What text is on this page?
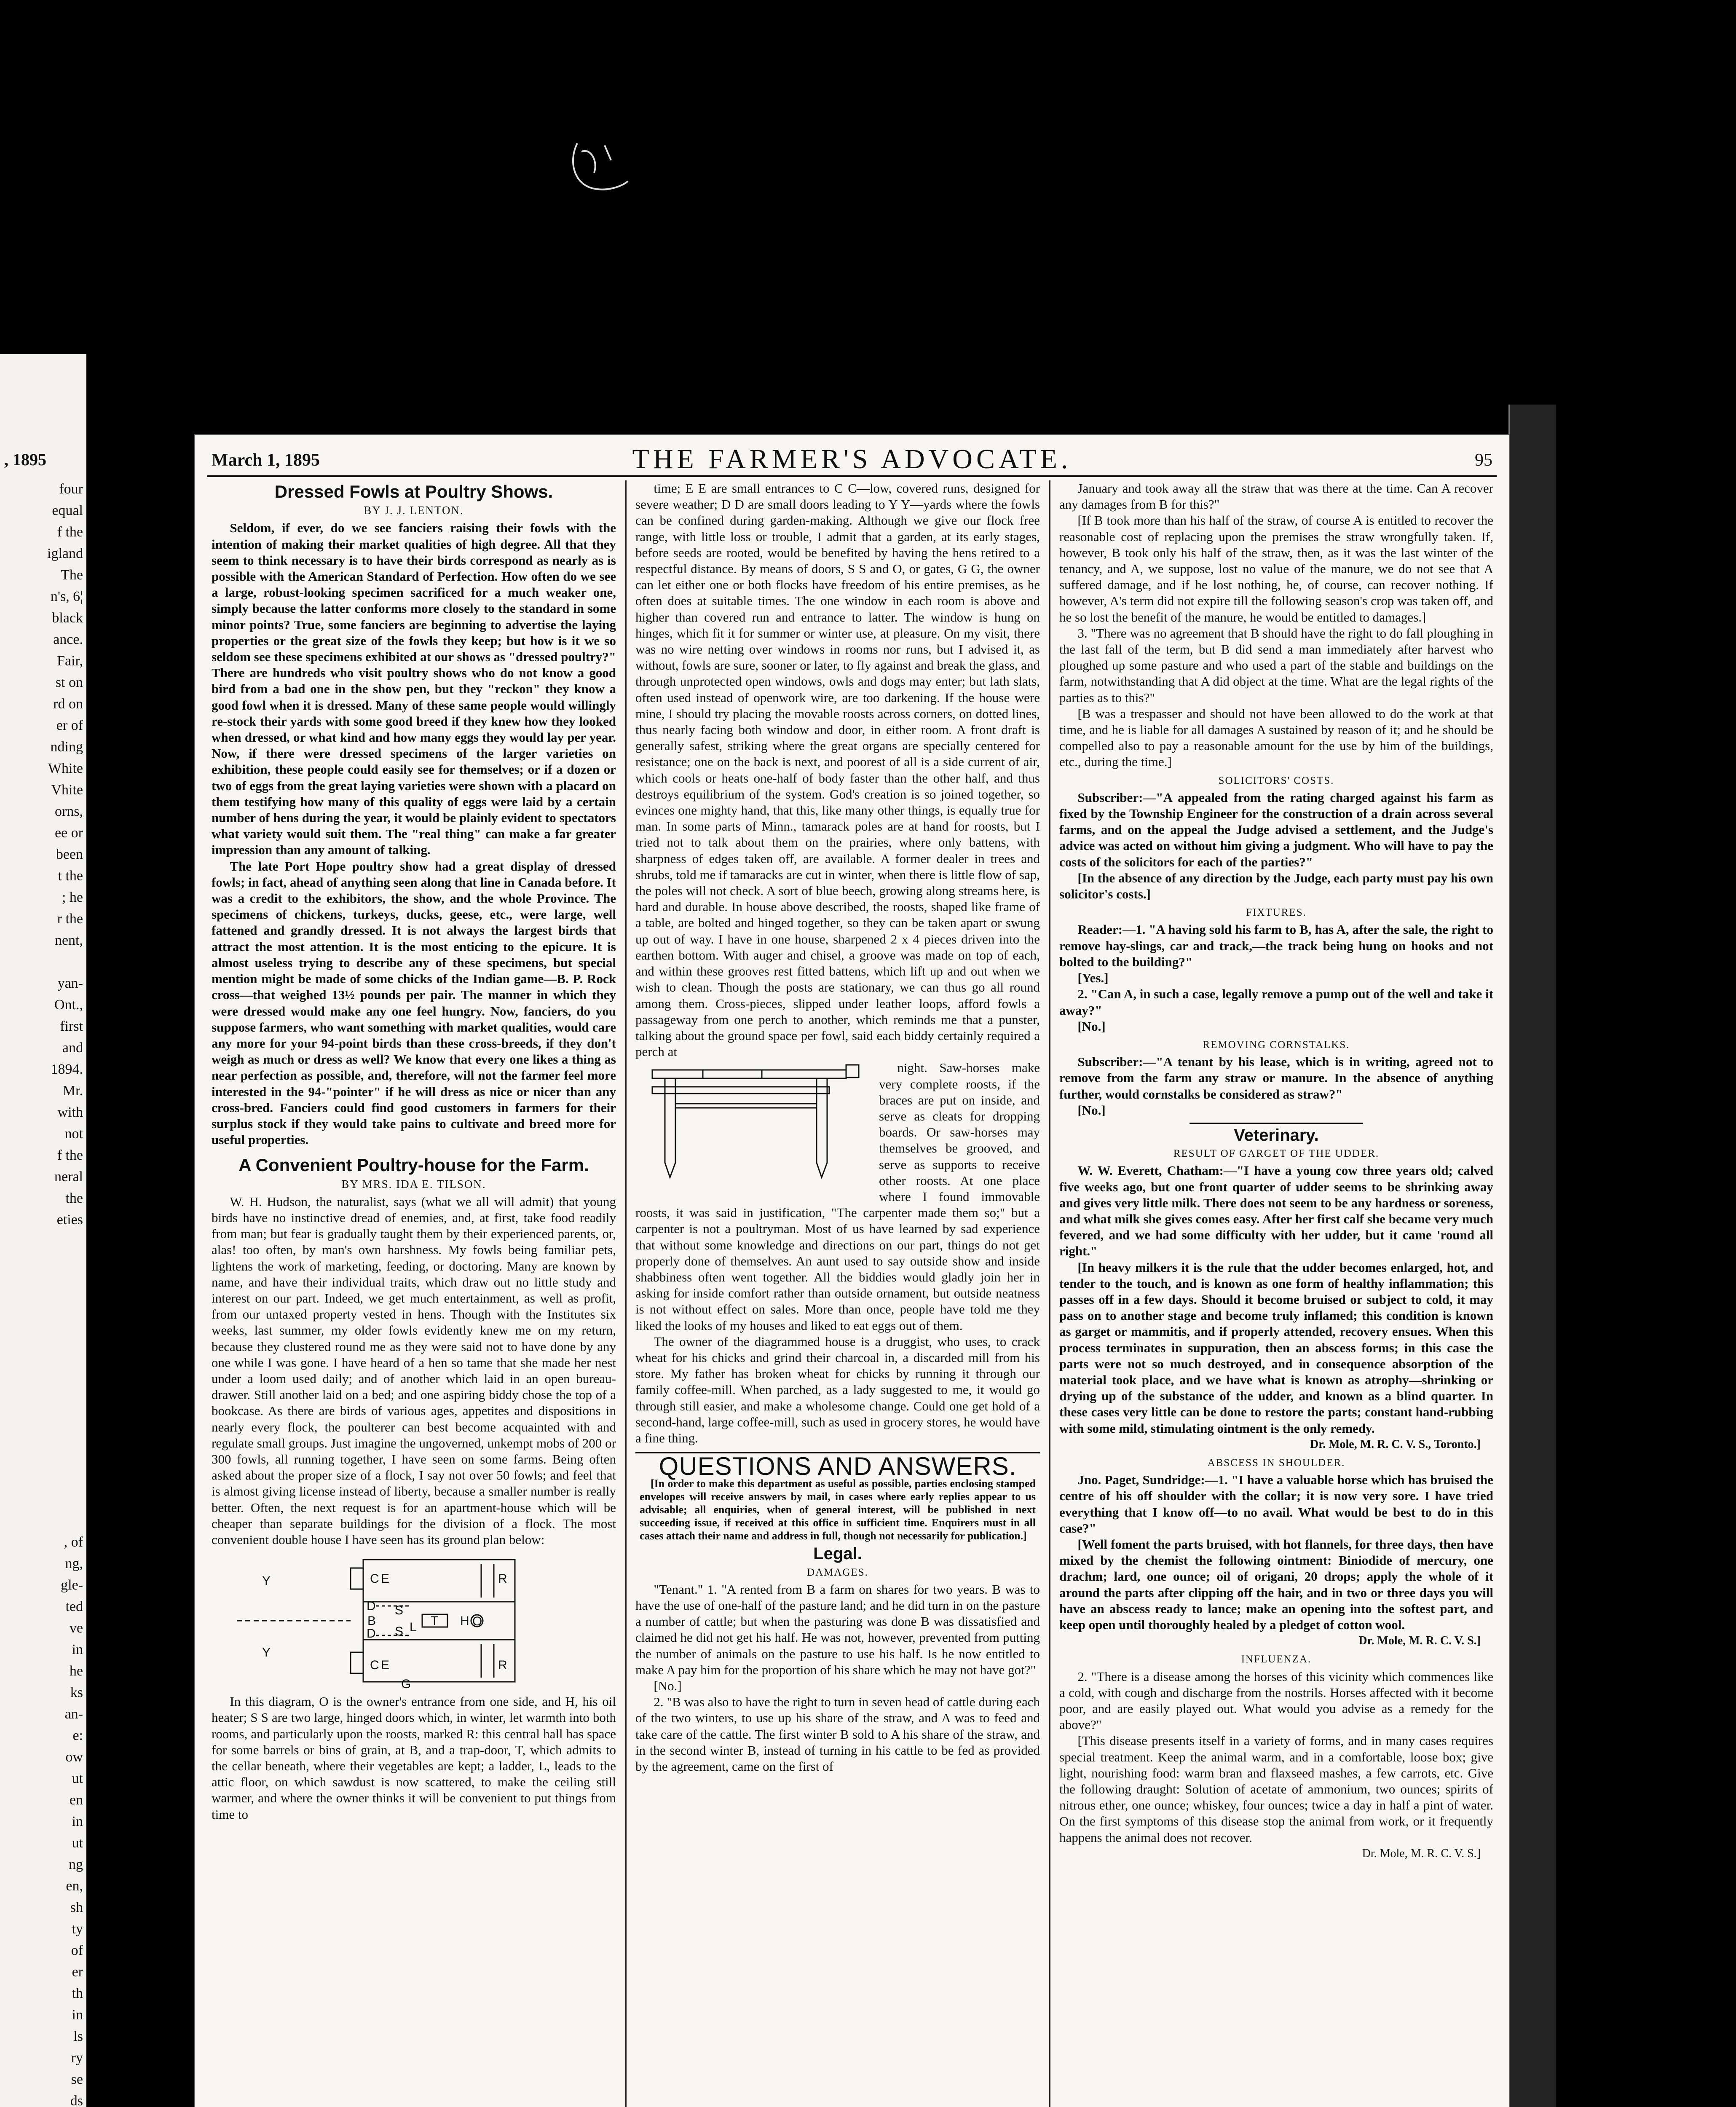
, 1895
four
equal
f the
igland
The
n's, 6¦
black
ance.
Fair,
st on
rd on
er of
nding
White
Vhite
orns,
ee or
been
t the
; he
r the
nent,
yan-
Ont.,
first
and
1894.
Mr.
with
not
f the
neral
the
eties
, of
ng,
gle-
ted
ve
in
he
ks
an-
e:
ow
ut
en
in
ut
ng
en,
sh
ty
of
er
th
in
ls
ry
se
ds
March 1, 1895	THE FARMER'S ADVOCATE.	95
Dressed Fowls at Poultry Shows.
BY J. J. LENTON.

Seldom, if ever, do we see fanciers raising their fowls with the intention of making their market qualities of high degree. All that they seem to think necessary is to have their birds correspond as nearly as is possible with the American Standard of Perfection. How often do we see a large, robust-looking specimen sacrificed for a much weaker one, simply because the latter conforms more closely to the standard in some minor points? True, some fanciers are beginning to advertise the laying properties or the great size of the fowls they keep; but how is it we so seldom see these specimens exhibited at our shows as "dressed poultry?" There are hundreds who visit poultry shows who do not know a good bird from a bad one in the show pen, but they "reckon" they know a good fowl when it is dressed. Many of these same people would willingly re-stock their yards with some good breed if they knew how they looked when dressed, or what kind and how many eggs they would lay per year. Now, if there were dressed specimens of the larger varieties on exhibition, these people could easily see for themselves; or if a dozen or two of eggs from the great laying varieties were shown with a placard on them testifying how many of this quality of eggs were laid by a certain number of hens during the year, it would be plainly evident to spectators what variety would suit them. The "real thing" can make a far greater impression than any amount of talking.

The late Port Hope poultry show had a great display of dressed fowls; in fact, ahead of anything seen along that line in Canada before. It was a credit to the exhibitors, the show, and the whole Province. The specimens of chickens, turkeys, ducks, geese, etc., were large, well fattened and grandly dressed. It is not always the largest birds that attract the most attention. It is the most enticing to the epicure. It is almost useless trying to describe any of these specimens, but special mention might be made of some chicks of the Indian game—B. P. Rock cross—that weighed 13½ pounds per pair. The manner in which they were dressed would make any one feel hungry. Now, fanciers, do you suppose farmers, who want something with market qualities, would care any more for your 94-point birds than these cross-breeds, if they don't weigh as much or dress as well? We know that every one likes a thing as near perfection as possible, and, therefore, will not the farmer feel more interested in the 94-"pointer" if he will dress as nice or nicer than any cross-bred. Fanciers could find good customers in farmers for their surplus stock if they would take pains to cultivate and breed more for useful properties.

A Convenient Poultry-house for the Farm.
BY MRS. IDA E. TILSON.

W. H. Hudson, the naturalist, says (what we all will admit) that young birds have no instinctive dread of enemies, and, at first, take food readily from man; but fear is gradually taught them by their experienced parents, or, alas! too often, by man's own harshness. My fowls being familiar pets, lightens the work of marketing, feeding, or doctoring. Many are known by name, and have their individual traits, which draw out no little study and interest on our part. Indeed, we get much entertainment, as well as profit, from our untaxed property vested in hens. Though with the Institutes six weeks, last summer, my older fowls evidently knew me on my return, because they clustered round me as they were said not to have done by any one while I was gone. I have heard of a hen so tame that she made her nest under a loom used daily; and of another which laid in an open bureau-drawer. Still another laid on a bed; and one aspiring biddy chose the top of a bookcase. As there are birds of various ages, appetites and dispositions in nearly every flock, the poulterer can best become acquainted with and regulate small groups. Just imagine the ungoverned, unkempt mobs of 200 or 300 fowls, all running together, I have seen on some farms. Being often asked about the proper size of a flock, I say not over 50 fowls; and feel that is almost giving license instead of liberty, because a smaller number is really better. Often, the next request is for an apartment-house which will be cheaper than separate buildings for the division of a flock. The most convenient double house I have seen has its ground plan below:

Y
Y
C
C
E
E
R
R
D
D
S
S
B	T H O
L
G

In this diagram, O is the owner's entrance from one side, and H, his oil heater; S S are two large, hinged doors which, in winter, let warmth into both rooms, and particularly upon the roosts, marked R: this central hall has space for some barrels or bins of grain, at B, and a trap-door, T, which admits to the cellar beneath, where their vegetables are kept; a ladder, L, leads to the attic floor, on which sawdust is now scattered, to make the ceiling still warmer, and where the owner thinks it will be convenient to put things from time to

time; E E are small entrances to C C—low, covered runs, designed for severe weather; D D are small doors leading to Y Y—yards where the fowls can be confined during garden-making. Although we give our flock free range, with little loss or trouble, I admit that a garden, at its early stages, before seeds are rooted, would be benefited by having the hens retired to a respectful distance. By means of doors, S S and O, or gates, G G, the owner can let either one or both flocks have freedom of his entire premises, as he often does at suitable times. The one window in each room is above and higher than covered run and entrance to latter. The window is hung on hinges, which fit it for summer or winter use, at pleasure. On my visit, there was no wire netting over windows in rooms nor runs, but I advised it, as without, fowls are sure, sooner or later, to fly against and break the glass, and through unprotected open windows, owls and dogs may enter; but lath slats, often used instead of openwork wire, are too darkening. If the house were mine, I should try placing the movable roosts across corners, on dotted lines, thus nearly facing both window and door, in either room. A front draft is generally safest, striking where the great organs are specially centered for resistance; one on the back is next, and poorest of all is a side current of air, which cools or heats one-half of body faster than the other half, and thus destroys equilibrium of the system. God's creation is so joined together, so evinces one mighty hand, that this, like many other things, is equally true for man. In some parts of Minn., tamarack poles are at hand for roosts, but I tried not to talk about them on the prairies, where only battens, with sharpness of edges taken off, are available. A former dealer in trees and shrubs, told me if tamaracks are cut in winter, when there is little flow of sap, the poles will not check. A sort of blue beech, growing along streams here, is hard and durable. In house above described, the roosts, shaped like frame of a table, are bolted and hinged together, so they can be taken apart or swung up out of way. I have in one house, sharpened 2 x 4 pieces driven into the earthen bottom. With auger and chisel, a groove was made on top of each, and within these grooves rest fitted battens, which lift up and out when we wish to clean. Though the posts are stationary, we can thus go all round among them. Cross-pieces, slipped under leather loops, afford fowls a passageway from one perch to another, which reminds me that a punster, talking about the ground space per fowl, said each biddy certainly required a perch at

night. Saw-horses make very complete roosts, if the braces are put on inside, and serve as cleats for dropping boards. Or saw-horses may themselves be grooved, and serve as supports to receive other roosts. At one place where I found immovable roosts, it was said in justification, "The carpenter made them so;" but a carpenter is not a poultryman. Most of us have learned by sad experience that without some knowledge and directions on our part, things do not get properly done of themselves. An aunt used to say outside show and inside shabbiness often went together. All the biddies would gladly join her in asking for inside comfort rather than outside ornament, but outside neatness is not without effect on sales. More than once, people have told me they liked the looks of my houses and liked to eat eggs out of them.

The owner of the diagrammed house is a druggist, who uses, to crack wheat for his chicks and grind their charcoal in, a discarded mill from his store. My father has broken wheat for chicks by running it through our family coffee-mill. When parched, as a lady suggested to me, it would go through still easier, and make a wholesome change. Could one get hold of a second-hand, large coffee-mill, such as used in grocery stores, he would have a fine thing.

QUESTIONS AND ANSWERS.
[In order to make this department as useful as possible, parties enclosing stamped envelopes will receive answers by mail, in cases where early replies appear to us advisable; all enquiries, when of general interest, will be published in next succeeding issue, if received at this office in sufficient time. Enquirers must in all cases attach their name and address in full, though not necessarily for publication.]
Legal.
DAMAGES.

"Tenant." 1. "A rented from B a farm on shares for two years. B was to have the use of one-half of the pasture land; and he did turn in on the pasture a number of cattle; but when the pasturing was done B was dissatisfied and claimed he did not get his half. He was not, however, prevented from putting the number of animals on the pasture to use his half. Is he now entitled to make A pay him for the proportion of his share which he may not have got?"

[No.]

2. "B was also to have the right to turn in seven head of cattle during each of the two winters, to use up his share of the straw, and A was to feed and take care of the cattle. The first winter B sold to A his share of the straw, and in the second winter B, instead of turning in his cattle to be fed as provided by the agreement, came on the first of

January and took away all the straw that was there at the time. Can A recover any damages from B for this?"

[If B took more than his half of the straw, of course A is entitled to recover the reasonable cost of replacing upon the premises the straw wrongfully taken. If, however, B took only his half of the straw, then, as it was the last winter of the tenancy, and A, we suppose, lost no value of the manure, we do not see that A suffered damage, and if he lost nothing, he, of course, can recover nothing. If however, A's term did not expire till the following season's crop was taken off, and he so lost the benefit of the manure, he would be entitled to damages.]

3. "There was no agreement that B should have the right to do fall ploughing in the last fall of the term, but B did send a man immediately after harvest who ploughed up some pasture and who used a part of the stable and buildings on the farm, notwithstanding that A did object at the time. What are the legal rights of the parties as to this?"

[B was a trespasser and should not have been allowed to do the work at that time, and he is liable for all damages A sustained by reason of it; and he should be compelled also to pay a reasonable amount for the use by him of the buildings, etc., during the time.]

SOLICITORS' COSTS.

Subscriber:—"A appealed from the rating charged against his farm as fixed by the Township Engineer for the construction of a drain across several farms, and on the appeal the Judge advised a settlement, and the Judge's advice was acted on without him giving a judgment. Who will have to pay the costs of the solicitors for each of the parties?"

[In the absence of any direction by the Judge, each party must pay his own solicitor's costs.]

FIXTURES.

Reader:—1. "A having sold his farm to B, has A, after the sale, the right to remove hay-slings, car and track,—the track being hung on hooks and not bolted to the building?"

[Yes.]

2. "Can A, in such a case, legally remove a pump out of the well and take it away?"

[No.]

REMOVING CORNSTALKS.

Subscriber:—"A tenant by his lease, which is in writing, agreed not to remove from the farm any straw or manure. In the absence of anything further, would cornstalks be considered as straw?"

[No.]

Veterinary.
RESULT OF GARGET OF THE UDDER.

W. W. Everett, Chatham:—"I have a young cow three years old; calved five weeks ago, but one front quarter of udder seems to be shrinking away and gives very little milk. There does not seem to be any hardness or soreness, and what milk she gives comes easy. After her first calf she became very much fevered, and we had some difficulty with her udder, but it came 'round all right."

[In heavy milkers it is the rule that the udder becomes enlarged, hot, and tender to the touch, and is known as one form of healthy inflammation; this passes off in a few days. Should it become bruised or subject to cold, it may pass on to another stage and become truly inflamed; this condition is known as garget or mammitis, and if properly attended, recovery ensues. When this process terminates in suppuration, then an abscess forms; in this case the parts were not so much destroyed, and in consequence absorption of the material took place, and we have what is known as atrophy—shrinking or drying up of the substance of the udder, and known as a blind quarter. In these cases very little can be done to restore the parts; constant hand-rubbing with some mild, stimulating ointment is the only remedy.

Dr. Mole, M. R. C. V. S., Toronto.]
ABSCESS IN SHOULDER.

Jno. Paget, Sundridge:—1. "I have a valuable horse which has bruised the centre of his off shoulder with the collar; it is now very sore. I have tried everything that I know off—to no avail. What would be best to do in this case?"

[Well foment the parts bruised, with hot flannels, for three days, then have mixed by the chemist the following ointment: Biniodide of mercury, one drachm; lard, one ounce; oil of origani, 20 drops; apply the whole of it around the parts after clipping off the hair, and in two or three days you will have an abscess ready to lance; make an opening into the softest part, and keep open until thoroughly healed by a pledget of cotton wool.

Dr. Mole, M. R. C. V. S.]
INFLUENZA.

2. "There is a disease among the horses of this vicinity which commences like a cold, with cough and discharge from the nostrils. Horses affected with it become poor, and are easily played out. What would you advise as a remedy for the above?"

[This disease presents itself in a variety of forms, and in many cases requires special treatment. Keep the animal warm, and in a comfortable, loose box; give light, nourishing food: warm bran and flaxseed mashes, a few carrots, etc. Give the following draught: Solution of acetate of ammonium, two ounces; spirits of nitrous ether, one ounce; whiskey, four ounces; twice a day in half a pint of water. On the first symptoms of this disease stop the animal from work, or it frequently happens the animal does not recover.

Dr. Mole, M. R. C. V. S.]
